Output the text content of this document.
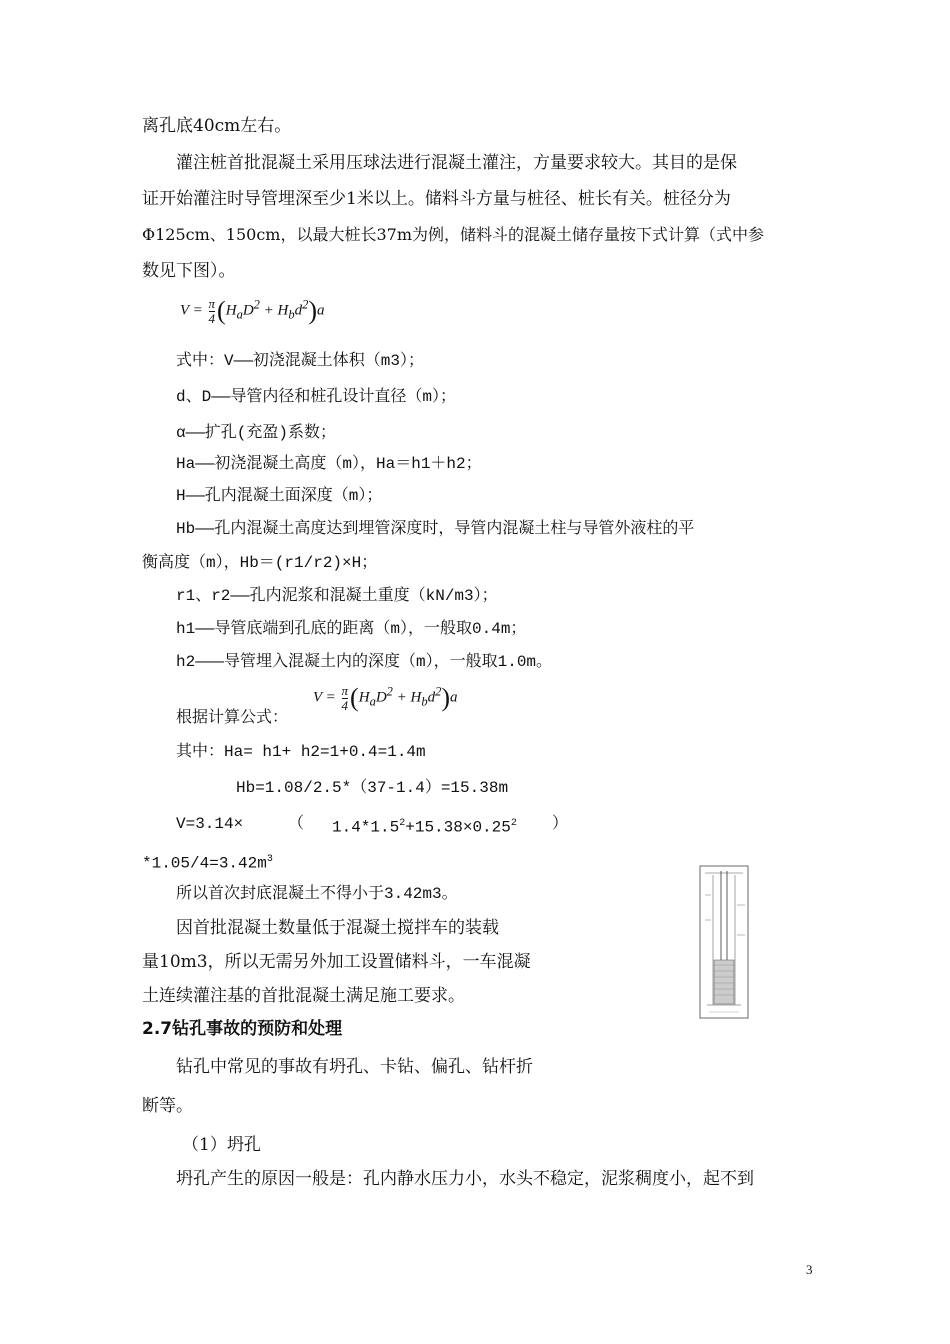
离孔底40cm左右。
灌注桩首批混凝土采用压球法进行混凝土灌注，方量要求较大。其目的是保
证开始灌注时导管埋深至少1米以上。储料斗方量与桩径、桩长有关。桩径分为
Φ125cm、150cm，以最大桩长37m为例，储料斗的混凝土储存量按下式计算（式中参
数见下图）。
$V = \frac{\pi}{4} (H_aD^2 + H_bd^2)a$
式中：V——初浇混凝土体积（m3）；
d、D——导管内径和桩孔设计直径（m）；
α——扩孔(充盈)系数；
Ha——初浇混凝土高度（m），Ha＝h1＋h2；
H——孔内混凝土面深度（m）；
Hb——孔内混凝土高度达到埋管深度时，导管内混凝土柱与导管外液柱的平
衡高度（m），Hb＝(r1/r2)×H；
r1、r2——孔内泥浆和混凝土重度（kN/m3）；
h1——导管底端到孔底的距离（m），一般取0.4m；
h2———导管埋入混凝土内的深度（m），一般取1.0m。
根据计算公式：
$V = \frac{\pi}{4} (H_aD^2 + H_bd^2)a$
其中：Ha= h1+ h2=1+0.4=1.4m
Hb=1.08/2.5*（37-1.4）=15.38m
V=3.14×	（ $1.4*1.5^2+15.38\times 0.25^2$ ）
$*1.05/4=3.42m^3$
所以首次封底混凝土不得小于3.42m3。
因首批混凝土数量低于混凝土搅拌车的装载
量10m3，所以无需另外加工设置储料斗，一车混凝
土连续灌注基的首批混凝土满足施工要求。
2.7钻孔事故的预防和处理
钻孔中常见的事故有坍孔、卡钻、偏孔、钻杆折
断等。
（1）坍孔
坍孔产生的原因一般是：孔内静水压力小，水头不稳定，泥浆稠度小，起不到
3
